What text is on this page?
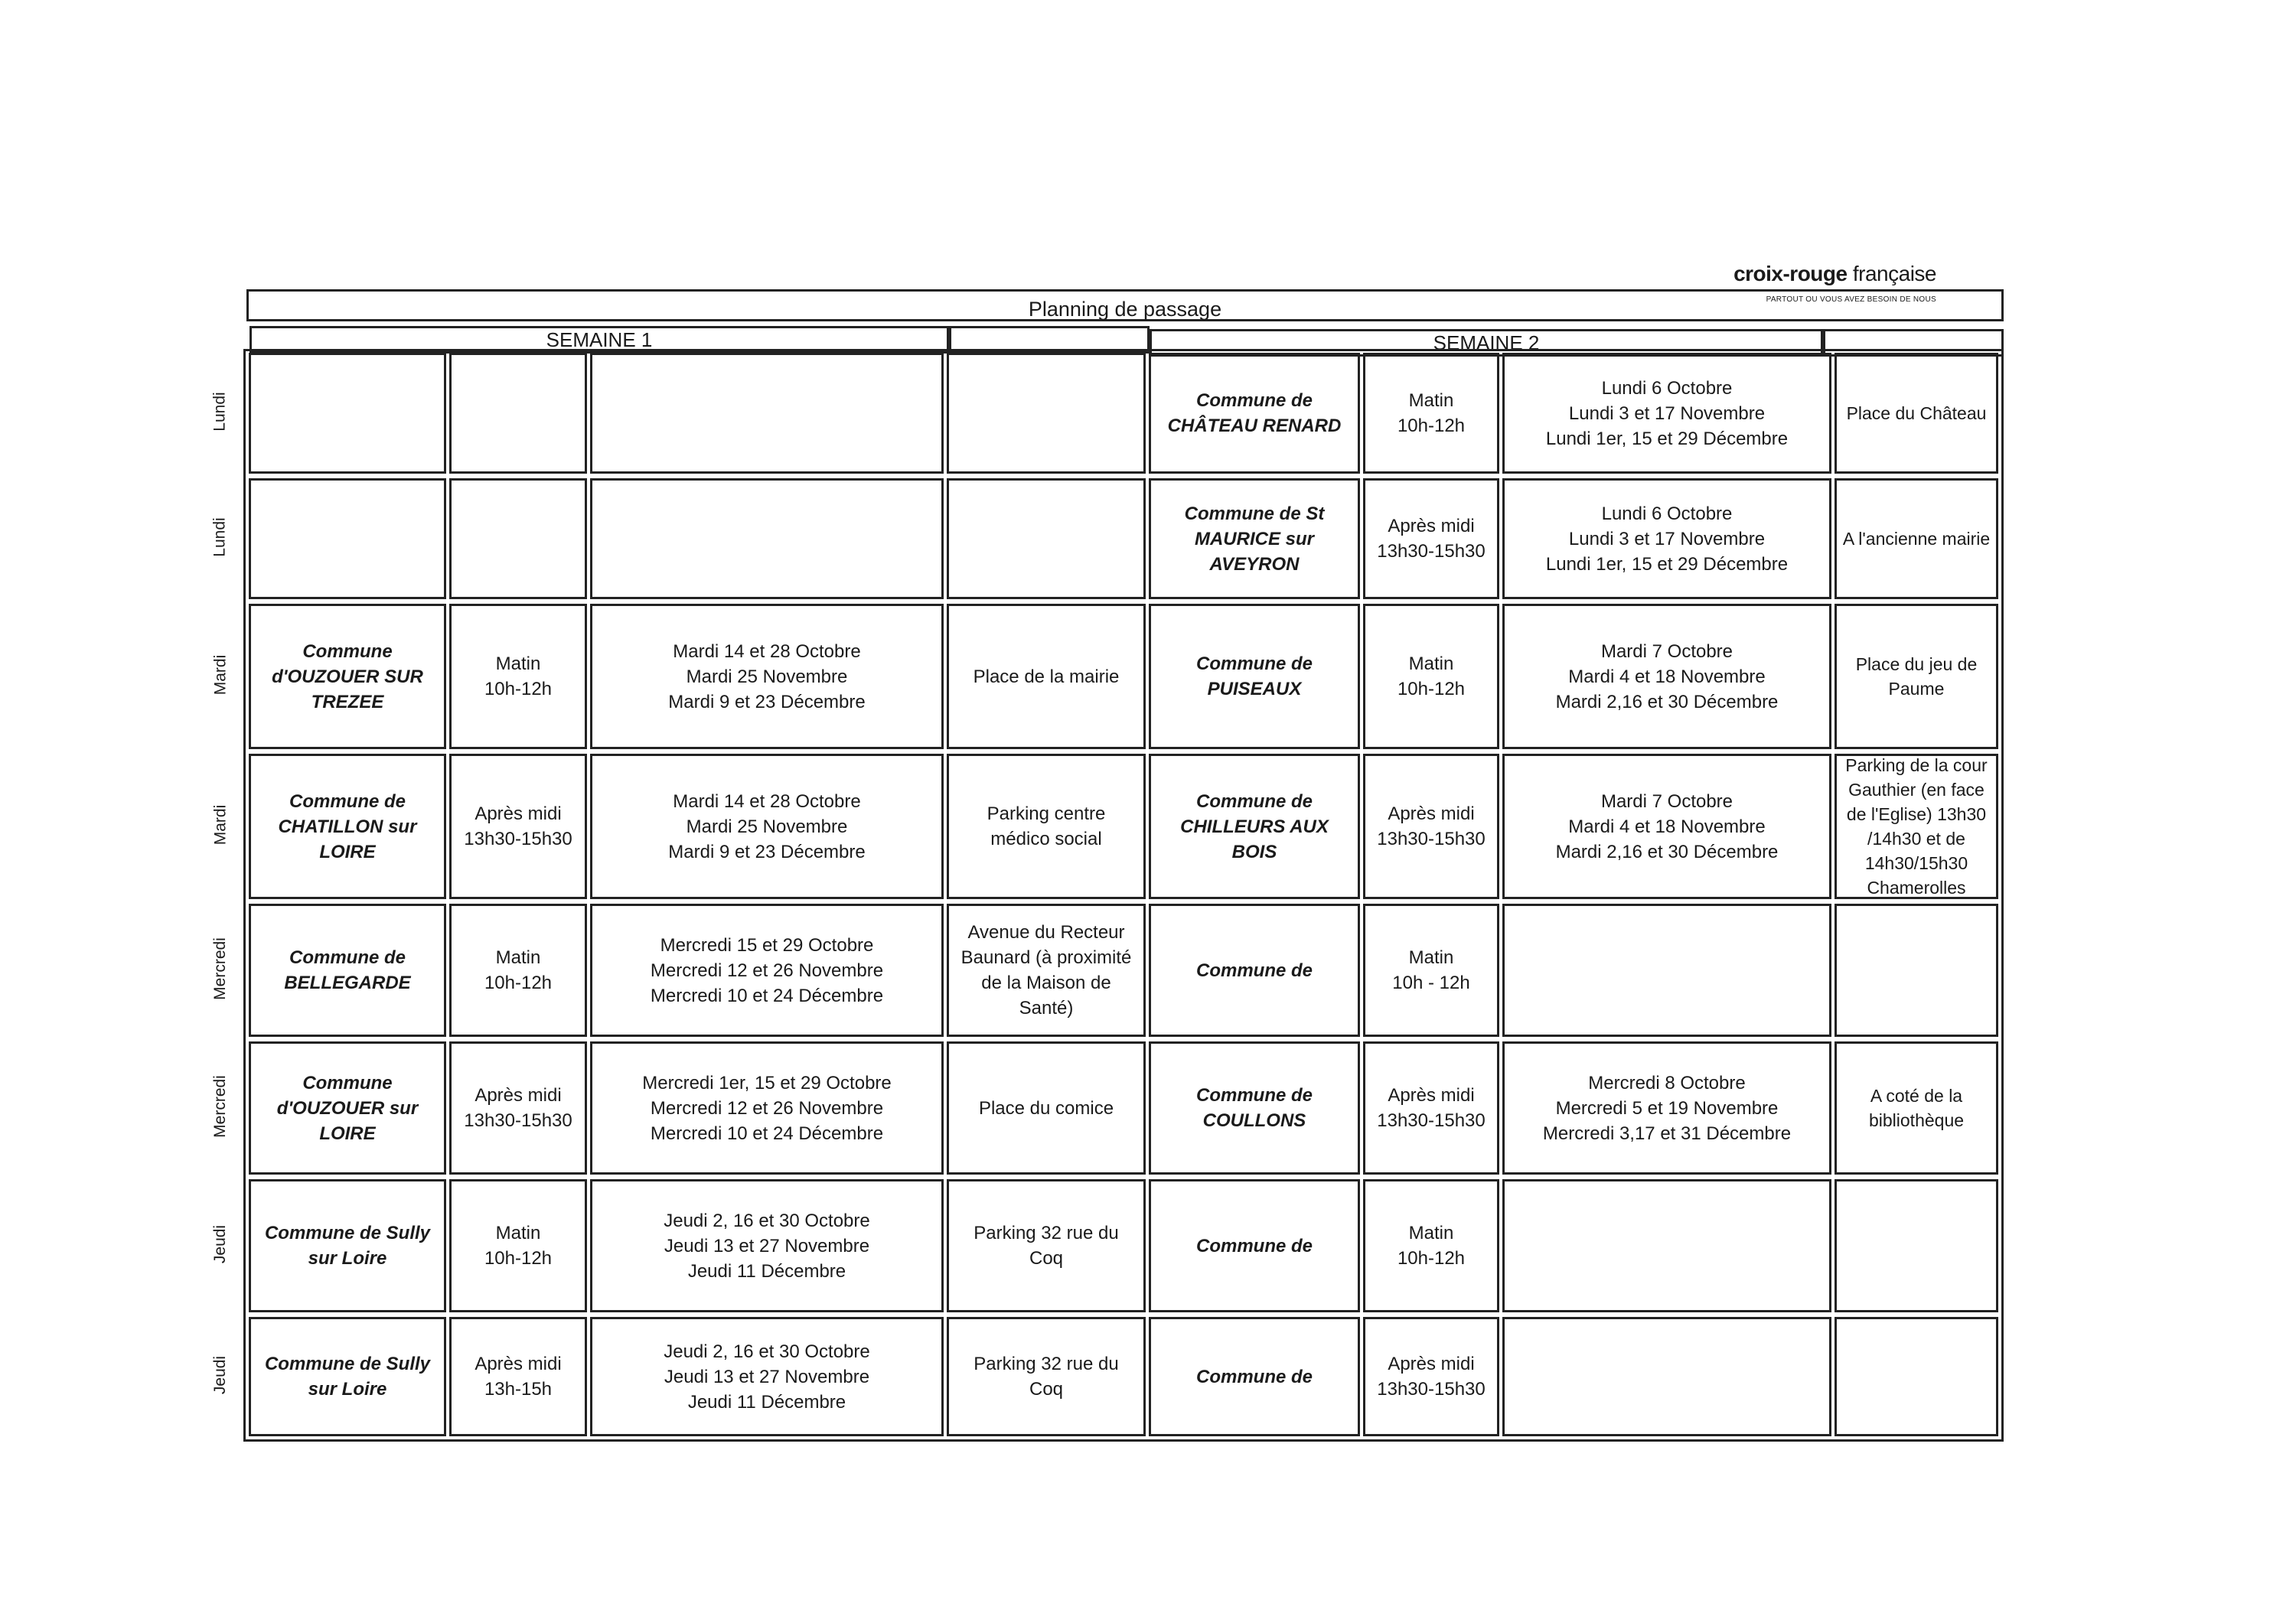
croix-rouge française
PARTOUT OU VOUS AVEZ BESOIN DE NOUS
Planning de passage
SEMAINE 1	SEMAINE 2
Lundi
Lundi
Mardi
Mardi
Mercredi
Mercredi
Jeudi
Jeudi
Commune de
CHÂTEAU RENARD
Matin
10h-12h
Lundi 6 Octobre
Lundi 3 et 17 Novembre
Lundi 1er, 15 et 29 Décembre
Place du Château
Commune de St
MAURICE sur
AVEYRON
Après midi
13h30-15h30
Lundi 6 Octobre
Lundi 3 et 17 Novembre
Lundi 1er, 15 et 29 Décembre
A l'ancienne mairie
Commune
d'OUZOUER SUR
TREZEE
Matin
10h-12h
Mardi 14 et 28 Octobre
Mardi 25 Novembre
Mardi 9 et 23 Décembre
Place de la mairie
Commune de
PUISEAUX
Matin
10h-12h
Mardi 7 Octobre
Mardi 4 et 18 Novembre
Mardi 2,16 et 30 Décembre
Place du jeu de
Paume
Commune de
CHATILLON sur
LOIRE
Après midi
13h30-15h30
Mardi 14 et 28 Octobre
Mardi 25 Novembre
Mardi 9 et 23 Décembre
Parking centre
médico social
Commune de
CHILLEURS AUX
BOIS
Après midi
13h30-15h30
Mardi 7 Octobre
Mardi 4 et 18 Novembre
Mardi 2,16 et 30 Décembre
Parking de la cour
Gauthier (en face
de l'Eglise) 13h30
/14h30 et de
14h30/15h30
Chamerolles
Commune de
BELLEGARDE
Matin
10h-12h
Mercredi 15 et 29 Octobre
Mercredi 12 et 26 Novembre
Mercredi 10 et 24 Décembre
Avenue du Recteur
Baunard (à proximité
de la Maison de
Santé)
Commune de
Matin
10h - 12h
Commune
d'OUZOUER sur
LOIRE
Après midi
13h30-15h30
Mercredi 1er, 15 et 29 Octobre
Mercredi 12 et 26 Novembre
Mercredi 10 et 24 Décembre
Place du comice
Commune de
COULLONS
Après midi
13h30-15h30
Mercredi 8 Octobre
Mercredi 5 et 19 Novembre
Mercredi 3,17 et 31 Décembre
A coté de la
bibliothèque
Commune de Sully
sur Loire
Matin
10h-12h
Jeudi 2, 16 et 30 Octobre
Jeudi 13 et 27 Novembre
Jeudi 11 Décembre
Parking 32 rue du
Coq
Commune de
Matin
10h-12h
Commune de Sully
sur Loire
Après midi
13h-15h
Jeudi 2, 16 et 30 Octobre
Jeudi 13 et 27 Novembre
Jeudi 11 Décembre
Parking 32 rue du
Coq
Commune de
Après midi
13h30-15h30
